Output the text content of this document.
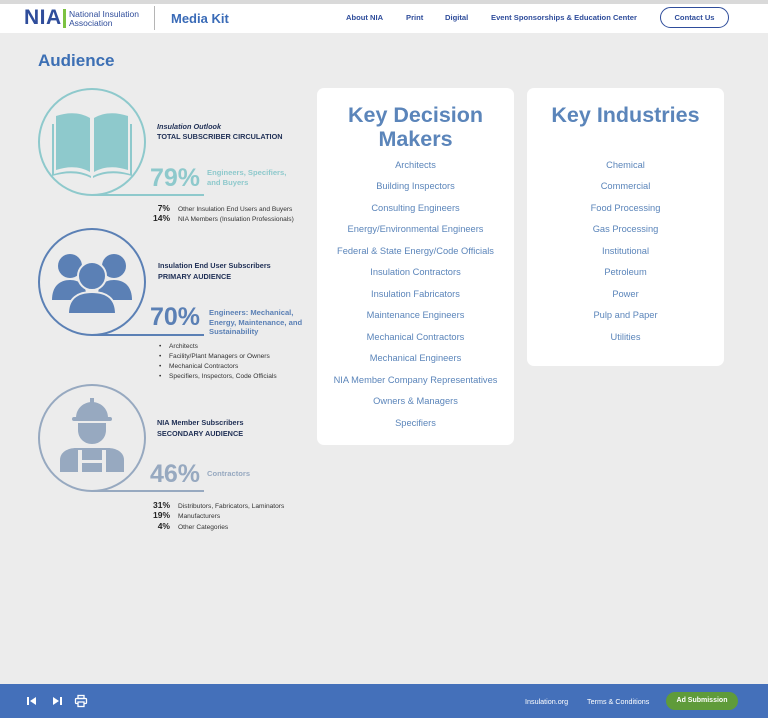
NIA National Insulation Association	Media Kit	About NIA	Print	Digital	Event Sponsorships & Education Center	Contact Us
Audience
Insulation Outlook
TOTAL SUBSCRIBER CIRCULATION
79% Engineers, Specifiers, and Buyers
7% Other Insulation End Users and Buyers
14% NIA Members (Insulation Professionals)
Insulation End User Subscribers
PRIMARY AUDIENCE
70% Engineers: Mechanical, Energy, Maintenance, and Sustainability
• Architects
• Facility/Plant Managers or Owners
• Mechanical Contractors
• Specifiers, Inspectors, Code Officials
NIA Member Subscribers
SECONDARY AUDIENCE
46% Contractors
31% Distributors, Fabricators, Laminators
19% Manufacturers
4% Other Categories
Key Decision
Makers
Architects
Building Inspectors
Consulting Engineers
Energy/Environmental Engineers
Federal & State Energy/Code Officials
Insulation Contractors
Insulation Fabricators
Maintenance Engineers
Mechanical Contractors
Mechanical Engineers
NIA Member Company Representatives
Owners & Managers
Specifiers
Key Industries
Chemical
Commercial
Food Processing
Gas Processing
Institutional
Petroleum
Power
Pulp and Paper
Utilities
Insulation.org	Terms & Conditions	Ad Submission
